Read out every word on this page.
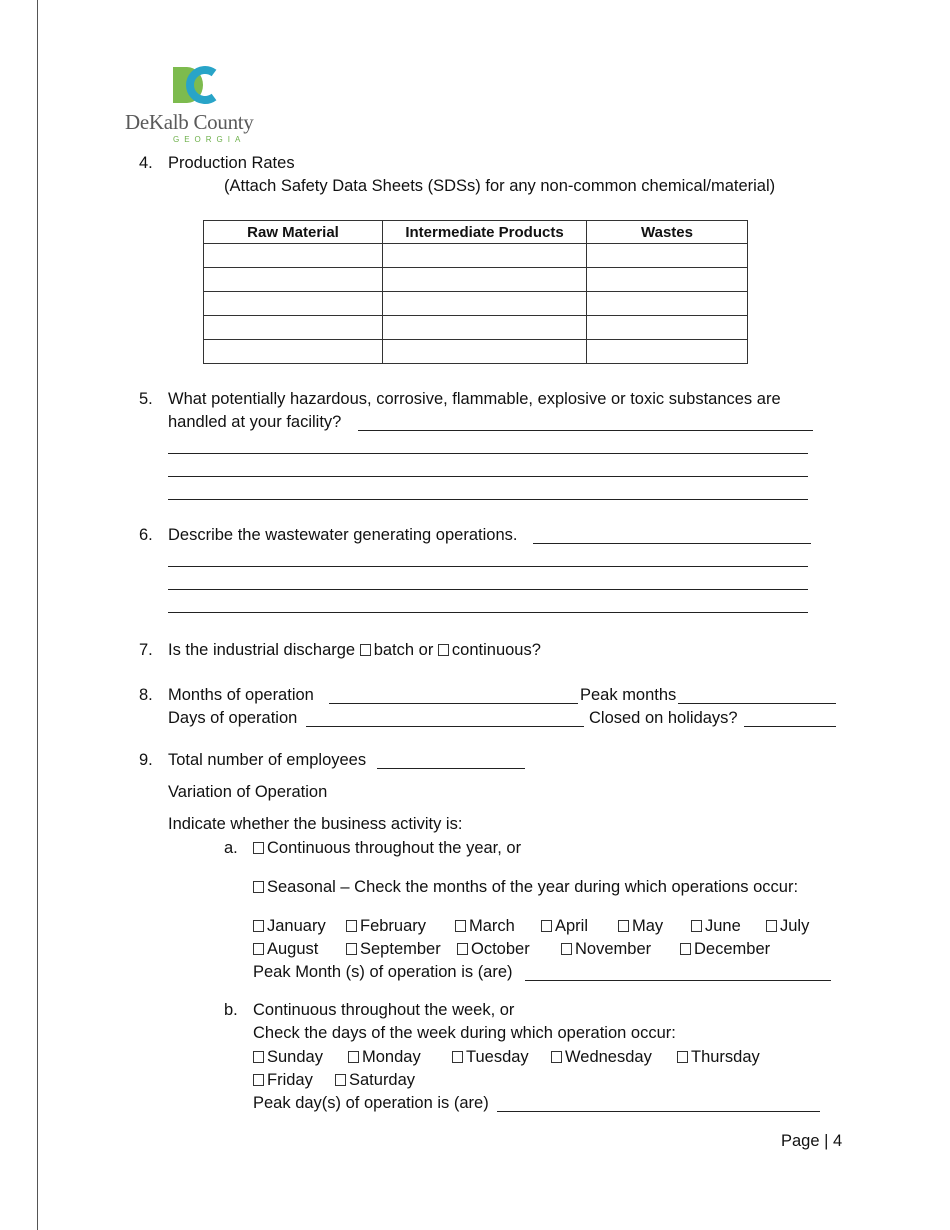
DeKalb County
GEORGIA
4. Production Rates
(Attach Safety Data Sheets (SDSs) for any non-common chemical/material)
Raw Material	Intermediate Products	Wastes

5. What potentially hazardous, corrosive, flammable, explosive or toxic substances are
handled at your facility?
6. Describe the wastewater generating operations.
7. Is the industrial discharge batch or continuous?
8. Months of operation	Peak months
Days of operation	Closed on holidays?
9. Total number of employees
Variation of Operation
Indicate whether the business activity is:
a.	Continuous throughout the year, or
Seasonal – Check the months of the year during which operations occur:
January	February	March	April	May	June	July
August	September	October	November	December
Peak Month (s) of operation is (are)
b. Continuous throughout the week, or
Check the days of the week during which operation occur:
Sunday	Monday	Tuesday	Wednesday	Thursday
Friday	Saturday
Peak day(s) of operation is (are)
Page | 4
